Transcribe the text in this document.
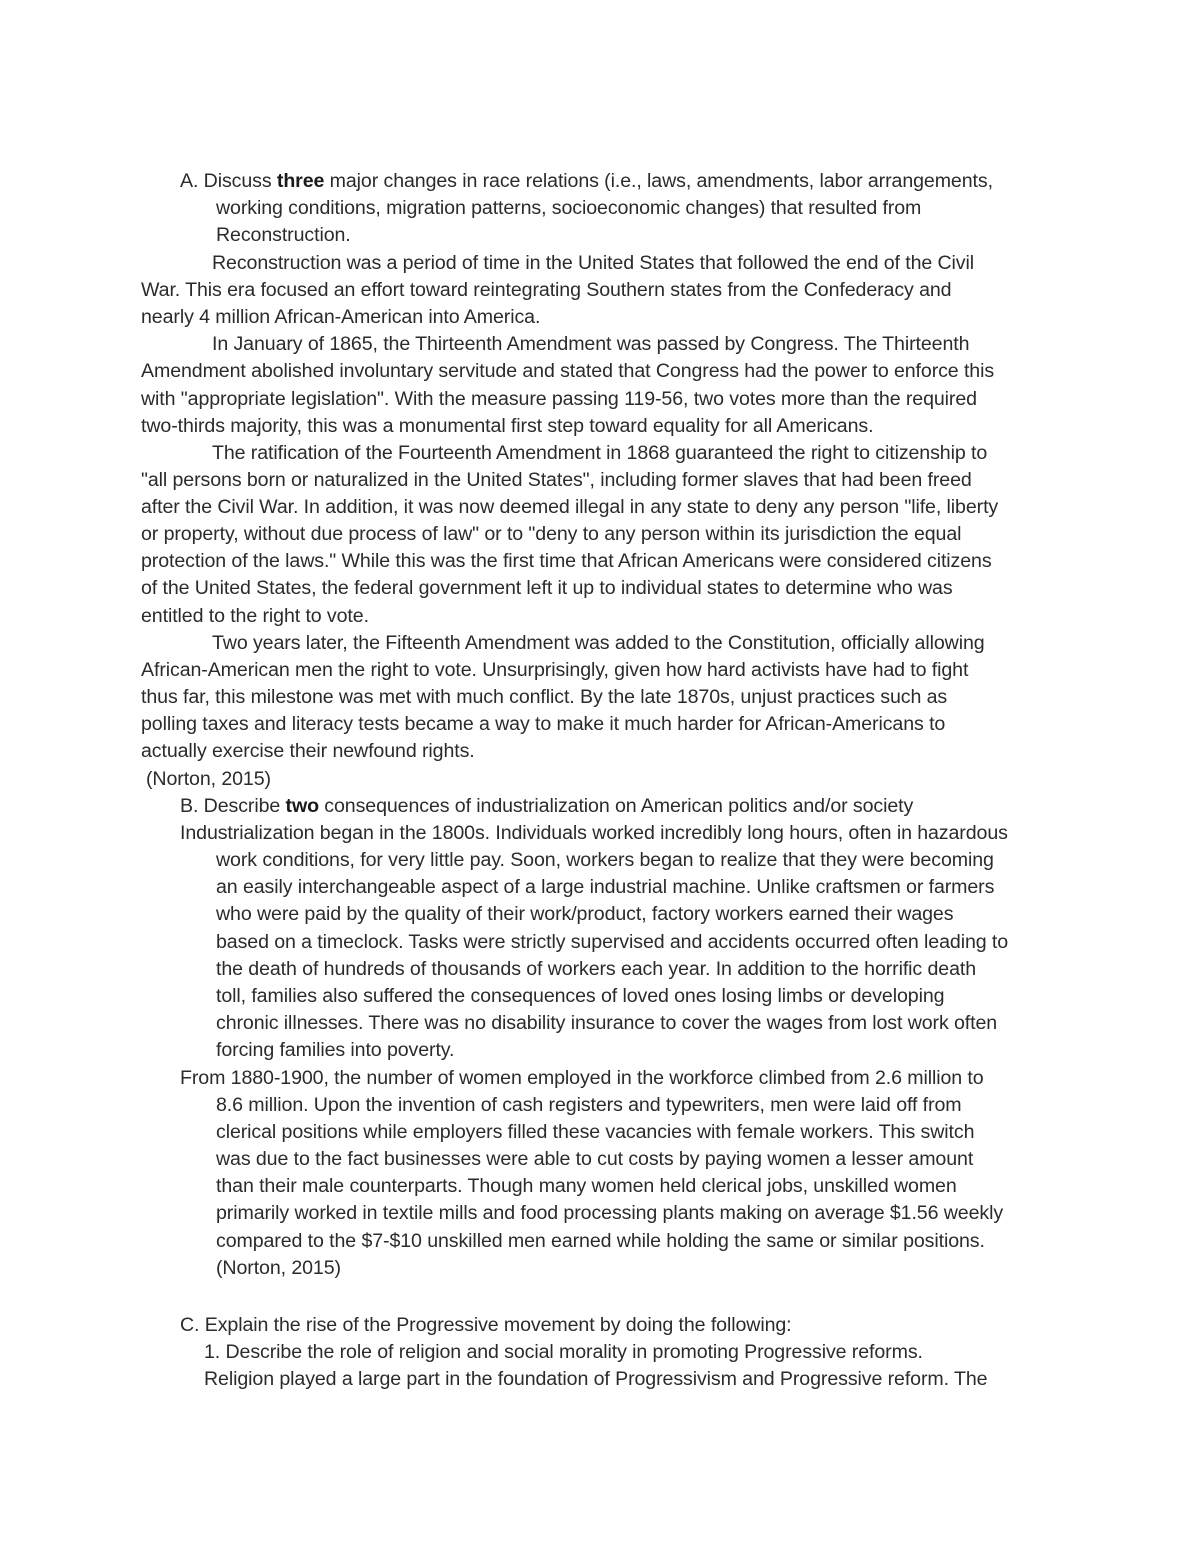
A. Discuss three major changes in race relations (i.e., laws, amendments, labor arrangements,

working conditions, migration patterns, socioeconomic changes) that resulted from

Reconstruction.

Reconstruction was a period of time in the United States that followed the end of the Civil

War. This era focused an effort toward reintegrating Southern states from the Confederacy and

nearly 4 million African-American into America.

In January of 1865, the Thirteenth Amendment was passed by Congress. The Thirteenth

Amendment abolished involuntary servitude and stated that Congress had the power to enforce this

with "appropriate legislation". With the measure passing 119-56, two votes more than the required

two-thirds majority, this was a monumental first step toward equality for all Americans.

The ratification of the Fourteenth Amendment in 1868 guaranteed the right to citizenship to

"all persons born or naturalized in the United States", including former slaves that had been freed

after the Civil War. In addition, it was now deemed illegal in any state to deny any person "life, liberty

or property, without due process of law" or to "deny to any person within its jurisdiction the equal

protection of the laws." While this was the first time that African Americans were considered citizens

of the United States, the federal government left it up to individual states to determine who was

entitled to the right to vote.

Two years later, the Fifteenth Amendment was added to the Constitution, officially allowing

African-American men the right to vote. Unsurprisingly, given how hard activists have had to fight

thus far, this milestone was met with much conflict. By the late 1870s, unjust practices such as

polling taxes and literacy tests became a way to make it much harder for African-Americans to

actually exercise their newfound rights.

(Norton, 2015)

B. Describe two consequences of industrialization on American politics and/or society

Industrialization began in the 1800s. Individuals worked incredibly long hours, often in hazardous

work conditions, for very little pay. Soon, workers began to realize that they were becoming

an easily interchangeable aspect of a large industrial machine. Unlike craftsmen or farmers

who were paid by the quality of their work/product, factory workers earned their wages

based on a timeclock. Tasks were strictly supervised and accidents occurred often leading to

the death of hundreds of thousands of workers each year. In addition to the horrific death

toll, families also suffered the consequences of loved ones losing limbs or developing

chronic illnesses. There was no disability insurance to cover the wages from lost work often

forcing families into poverty.

From 1880-1900, the number of women employed in the workforce climbed from 2.6 million to

8.6 million. Upon the invention of cash registers and typewriters, men were laid off from

clerical positions while employers filled these vacancies with female workers. This switch

was due to the fact businesses were able to cut costs by paying women a lesser amount

than their male counterparts. Though many women held clerical jobs, unskilled women

primarily worked in textile mills and food processing plants making on average $1.56 weekly

compared to the $7-$10 unskilled men earned while holding the same or similar positions.

(Norton, 2015)

C. Explain the rise of the Progressive movement by doing the following:

1. Describe the role of religion and social morality in promoting Progressive reforms.

Religion played a large part in the foundation of Progressivism and Progressive reform. The
